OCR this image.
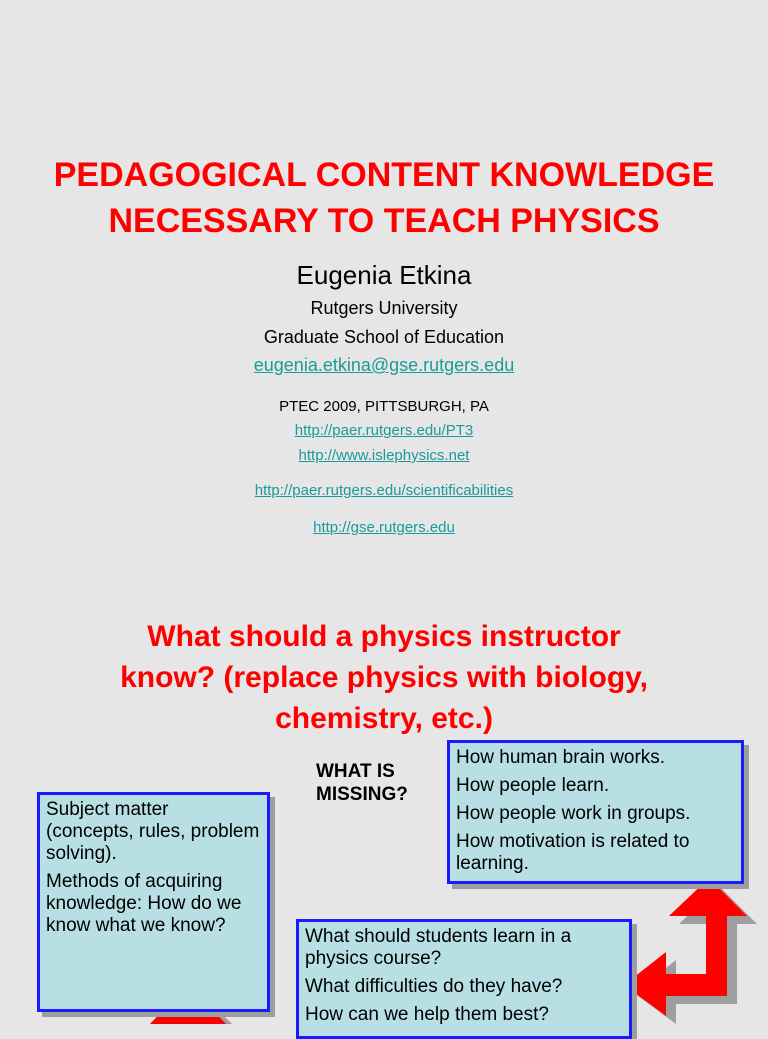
PEDAGOGICAL CONTENT KNOWLEDGE
NECESSARY TO TEACH PHYSICS
Eugenia Etkina
Rutgers University
Graduate School of Education
eugenia.etkina@gse.rutgers.edu
PTEC 2009, PITTSBURGH, PA
http://paer.rutgers.edu/PT3
http://www.islephysics.net
http://paer.rutgers.edu/scientificabilities
http://gse.rutgers.edu
What should a physics instructor
know? (replace physics with biology,
chemistry, etc.)
WHAT IS
MISSING?

How human brain works.

How people learn.

How people work in groups.

How motivation is related to learning.

Subject matter (concepts, rules, problem solving).

Methods of acquiring knowledge: How do we know what we know?

What should students learn in a physics course?

What difficulties do they have?

How can we help them best?
